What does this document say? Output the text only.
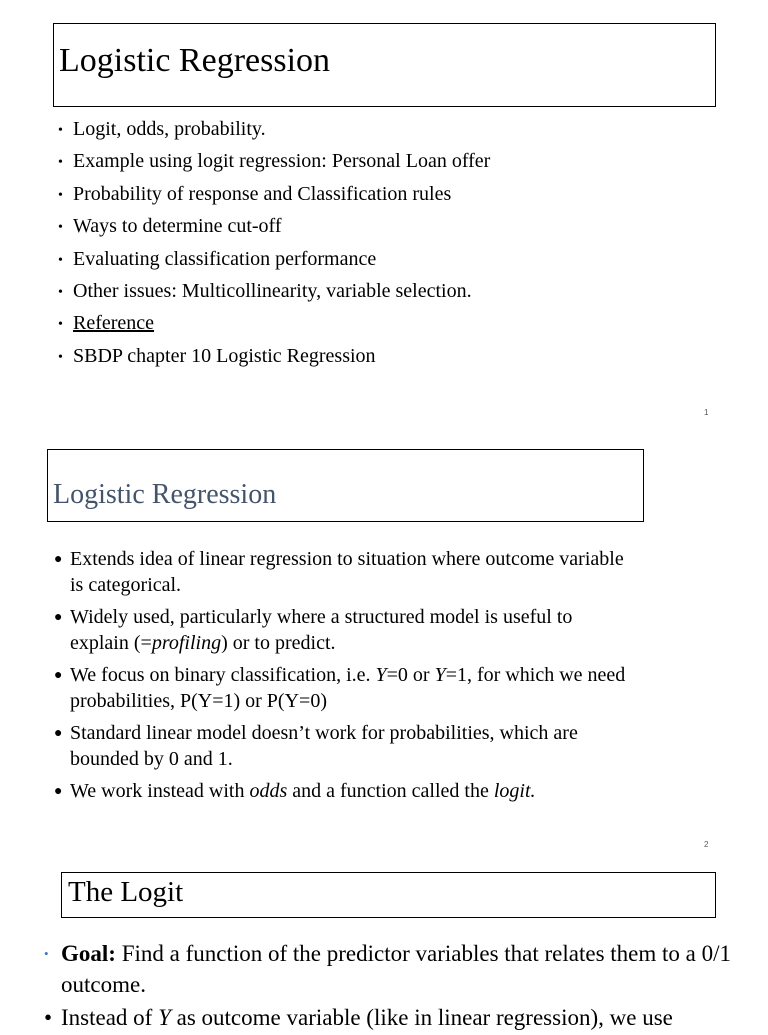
Logistic Regression
• Logit, odds, probability.
• Example using logit regression: Personal Loan offer
• Probability of response and Classification rules
• Ways to determine cut-off
• Evaluating classification performance
• Other issues: Multicollinearity, variable selection.
• Reference
• SBDP chapter 10 Logistic Regression
1
Logistic Regression
● Extends idea of linear regression to situation where outcome variable is categorical.
● Widely used, particularly where a structured model is useful to explain (=profiling) or to predict.
● We focus on binary classification, i.e. Y=0 or Y=1, for which we need probabilities, P(Y=1) or P(Y=0)
● Standard linear model doesn’t work for probabilities, which are bounded by 0 and 1.
● We work instead with odds and a function called the logit.
2
The Logit
• Goal: Find a function of the predictor variables that relates them to a 0/1 outcome.
• Instead of Y as outcome variable (like in linear regression), we use
